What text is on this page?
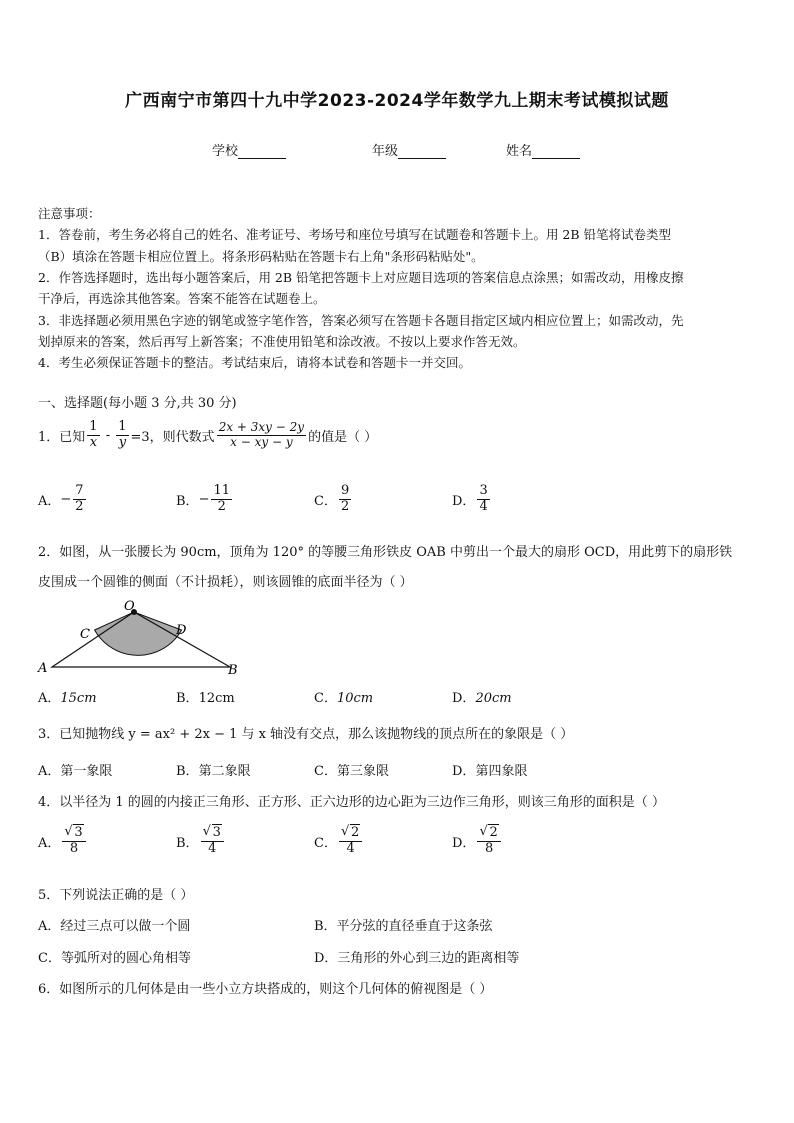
广西南宁市第四十九中学2023-2024学年数学九上期末考试模拟试题
学校	年级	姓名
注意事项：
1．答卷前，考生务必将自己的姓名、准考证号、考场号和座位号填写在试题卷和答题卡上。用 2B 铅笔将试卷类型
（B）填涂在答题卡相应位置上。将条形码粘贴在答题卡右上角"条形码粘贴处"。
2．作答选择题时，选出每小题答案后，用 2B 铅笔把答题卡上对应题目选项的答案信息点涂黑；如需改动，用橡皮擦
干净后，再选涂其他答案。答案不能答在试题卷上。
3．非选择题必须用黑色字迹的钢笔或签字笔作答，答案必须写在答题卡各题目指定区域内相应位置上；如需改动，先
划掉原来的答案，然后再写上新答案；不准使用铅笔和涂改液。不按以上要求作答无效。
4．考生必须保证答题卡的整洁。考试结束后，请将本试卷和答题卡一并交回。
一、选择题(每小题 3 分,共 30 分)
1．已知 $\frac{1}{x} - \frac{1}{y} =3$，则代数式 $\frac{2x + 3xy - 2y}{x - xy - y}$ 的值是（ ）
A． − $\frac{7}{2}$	B． − $\frac{11}{2}$	C． $\frac{9}{2}$	D． $\frac{3}{4}$
2．如图，从一张腰长为 90cm，顶角为 120° 的等腰三角形铁皮 OAB 中剪出一个最大的扇形 OCD，用此剪下的扇形铁
皮围成一个圆锥的侧面（不计损耗），则该圆锥的底面半径为（ ）
O
C	D
A	B
A．15cm	B．12cm	C．10cm	D．20cm
3．已知抛物线 y = ax² + 2x − 1 与 x 轴没有交点，那么该抛物线的顶点所在的象限是（ ）
A．第一象限	B．第二象限	C．第三象限	D．第四象限
4．以半径为 1 的圆的内接正三角形、正方形、正六边形的边心距为三边作三角形，则该三角形的面积是（ ）
A． √ $\frac{3}{8}$	B． √ $\frac{3}{4}$	C． √ $\frac{2}{4}$	D． √ $\frac{2}{8}$
5．下列说法正确的是（ ）
A．经过三点可以做一个圆	B．平分弦的直径垂直于这条弦
C．等弧所对的圆心角相等	D．三角形的外心到三边的距离相等
6．如图所示的几何体是由一些小立方块搭成的，则这个几何体的俯视图是（ ）
